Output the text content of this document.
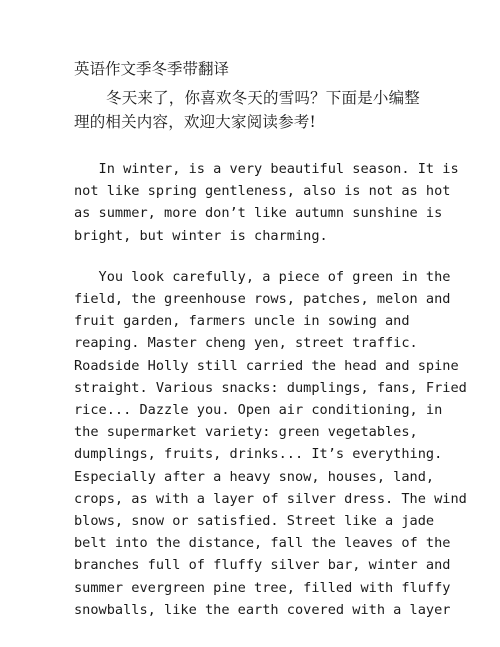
英语作文季冬季带翻译

冬天来了，你喜欢冬天的雪吗？下面是小编整理的相关内容，欢迎大家阅读参考!

In winter, is a very beautiful season. It is
not like spring gentleness, also is not as hot
as summer, more don’t like autumn sunshine is
bright, but winter is charming.

You look carefully, a piece of green in the
field, the greenhouse rows, patches, melon and
fruit garden, farmers uncle in sowing and
reaping. Master cheng yen, street traffic.
Roadside Holly still carried the head and spine
straight. Various snacks: dumplings, fans, Fried
rice... Dazzle you. Open air conditioning, in
the supermarket variety: green vegetables,
dumplings, fruits, drinks... It’s everything.
Especially after a heavy snow, houses, land,
crops, as with a layer of silver dress. The wind
blows, snow or satisfied. Street like a jade
belt into the distance, fall the leaves of the
branches full of fluffy silver bar, winter and
summer evergreen pine tree, filled with fluffy
snowballs, like the earth covered with a layer
